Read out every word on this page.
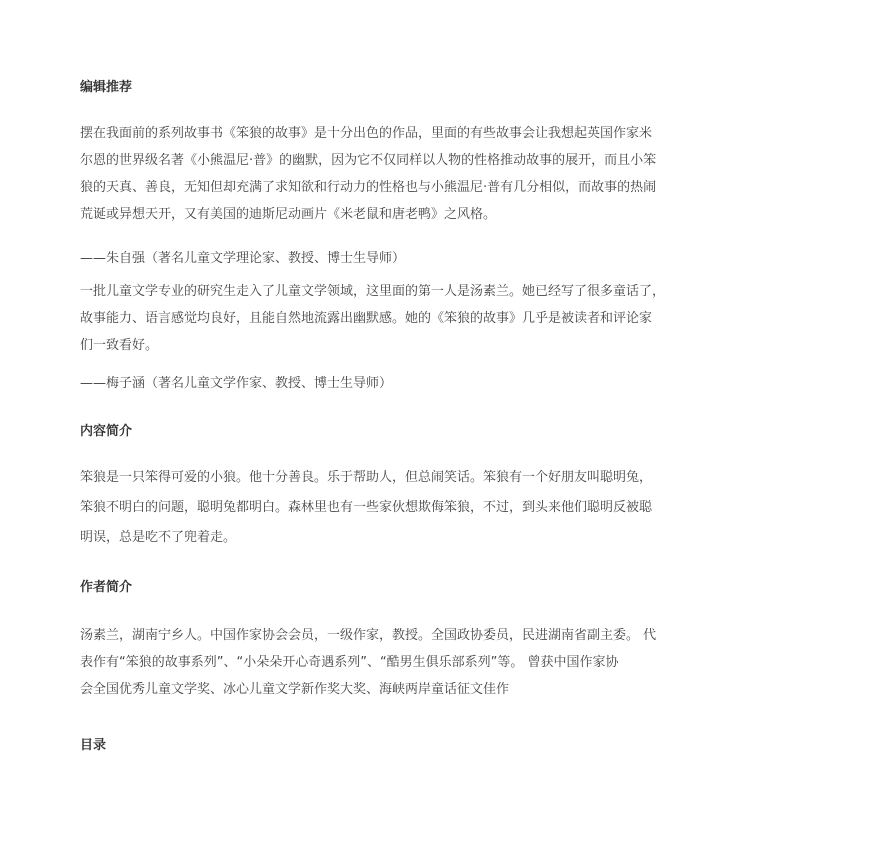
编辑推荐
摆在我面前的系列故事书《笨狼的故事》是十分出色的作品，里面的有些故事会让我想起英国作家米
尔恩的世界级名著《小熊温尼·普》的幽默，因为它不仅同样以人物的性格推动故事的展开，而且小笨
狼的天真、善良，无知但却充满了求知欲和行动力的性格也与小熊温尼·普有几分相似，而故事的热闹
荒诞或异想天开，又有美国的迪斯尼动画片《米老鼠和唐老鸭》之风格。
——朱自强（著名儿童文学理论家、教授、博士生导师）
一批儿童文学专业的研究生走入了儿童文学领域，这里面的第一人是汤素兰。她已经写了很多童话了，
故事能力、语言感觉均良好，且能自然地流露出幽默感。她的《笨狼的故事》几乎是被读者和评论家
们一致看好。
——梅子涵（著名儿童文学作家、教授、博士生导师）
内容简介
笨狼是一只笨得可爱的小狼。他十分善良。乐于帮助人，但总闹笑话。笨狼有一个好朋友叫聪明兔，
笨狼不明白的问题，聪明兔都明白。森林里也有一些家伙想欺侮笨狼，不过，到头来他们聪明反被聪
明误，总是吃不了兜着走。
作者简介
汤素兰，湖南宁乡人。中国作家协会会员，一级作家，教授。全国政协委员，民进湖南省副主委。 代
表作有“笨狼的故事系列”、“小朵朵开心奇遇系列”、“酷男生俱乐部系列”等。 曾获中国作家协
会全国优秀儿童文学奖、冰心儿童文学新作奖大奖、海峡两岸童话征文佳作
目录
